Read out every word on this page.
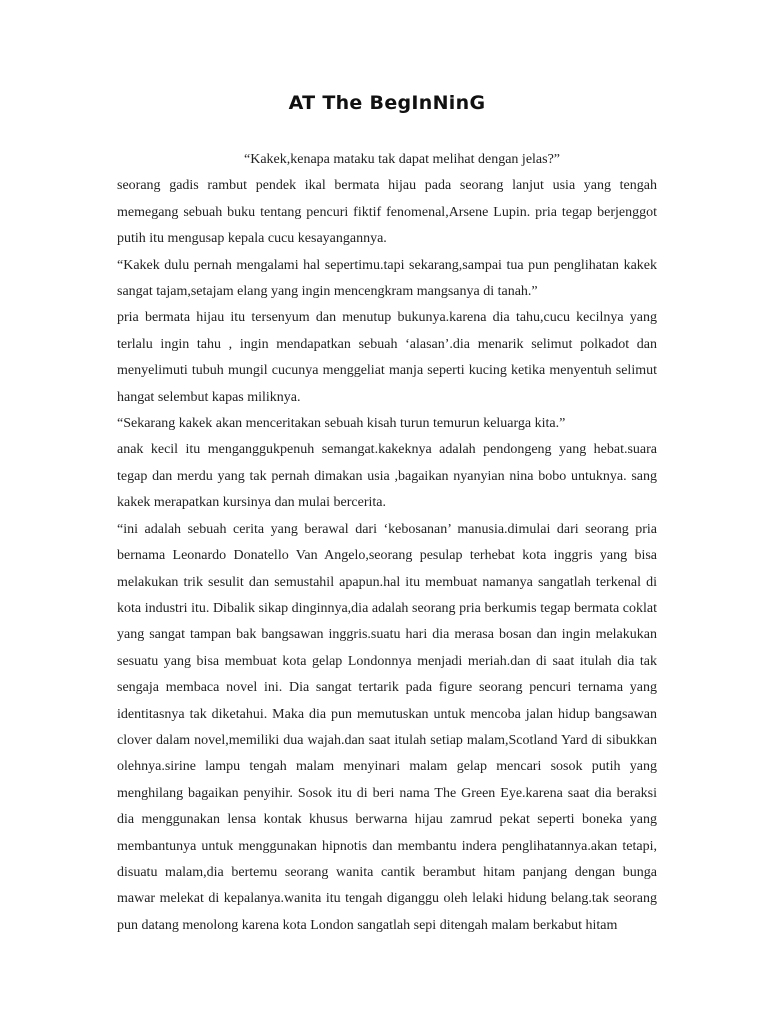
AT The BegInNinG

“Kakek,kenapa mataku tak dapat melihat dengan jelas?”

seorang gadis rambut pendek ikal bermata hijau pada seorang lanjut usia yang tengah memegang sebuah buku tentang pencuri fiktif fenomenal,Arsene Lupin. pria tegap berjenggot putih itu mengusap kepala cucu kesayangannya.

“Kakek dulu pernah mengalami hal sepertimu.tapi sekarang,sampai tua pun penglihatan kakek sangat tajam,setajam elang yang ingin mencengkram mangsanya di tanah.”

pria bermata hijau itu tersenyum dan menutup bukunya.karena dia tahu,cucu kecilnya yang terlalu ingin tahu , ingin mendapatkan sebuah ‘alasan’.dia menarik selimut polkadot dan menyelimuti tubuh mungil cucunya menggeliat manja seperti kucing ketika menyentuh selimut hangat selembut kapas miliknya.

“Sekarang kakek akan menceritakan sebuah kisah turun temurun keluarga kita.”

anak kecil itu menganggukpenuh semangat.kakeknya adalah pendongeng yang hebat.suara tegap dan merdu yang tak pernah dimakan usia ,bagaikan nyanyian nina bobo untuknya. sang kakek merapatkan kursinya dan mulai bercerita.

“ini adalah sebuah cerita yang berawal dari ‘kebosanan’ manusia.dimulai dari seorang pria bernama Leonardo Donatello Van Angelo,seorang pesulap terhebat kota inggris yang bisa melakukan trik sesulit dan semustahil apapun.hal itu membuat namanya sangatlah terkenal di kota industri itu. Dibalik sikap dinginnya,dia adalah seorang pria berkumis tegap bermata coklat yang sangat tampan bak bangsawan inggris.suatu hari dia merasa bosan dan ingin melakukan sesuatu yang bisa membuat kota gelap Londonnya menjadi meriah.dan di saat itulah dia tak sengaja membaca novel ini. Dia sangat tertarik pada figure seorang pencuri ternama yang identitasnya tak diketahui. Maka dia pun memutuskan untuk mencoba jalan hidup bangsawan clover dalam novel,memiliki dua wajah.dan saat itulah setiap malam,Scotland Yard di sibukkan olehnya.sirine lampu tengah malam menyinari malam gelap mencari sosok putih yang menghilang bagaikan penyihir. Sosok itu di beri nama The Green Eye.karena saat dia beraksi dia menggunakan lensa kontak khusus berwarna hijau zamrud pekat seperti boneka yang membantunya untuk menggunakan hipnotis dan membantu indera penglihatannya.akan tetapi, disuatu malam,dia bertemu seorang wanita cantik berambut hitam panjang dengan bunga mawar melekat di kepalanya.wanita itu tengah diganggu oleh lelaki hidung belang.tak seorang pun datang menolong karena kota London sangatlah sepi ditengah malam berkabut hitam
